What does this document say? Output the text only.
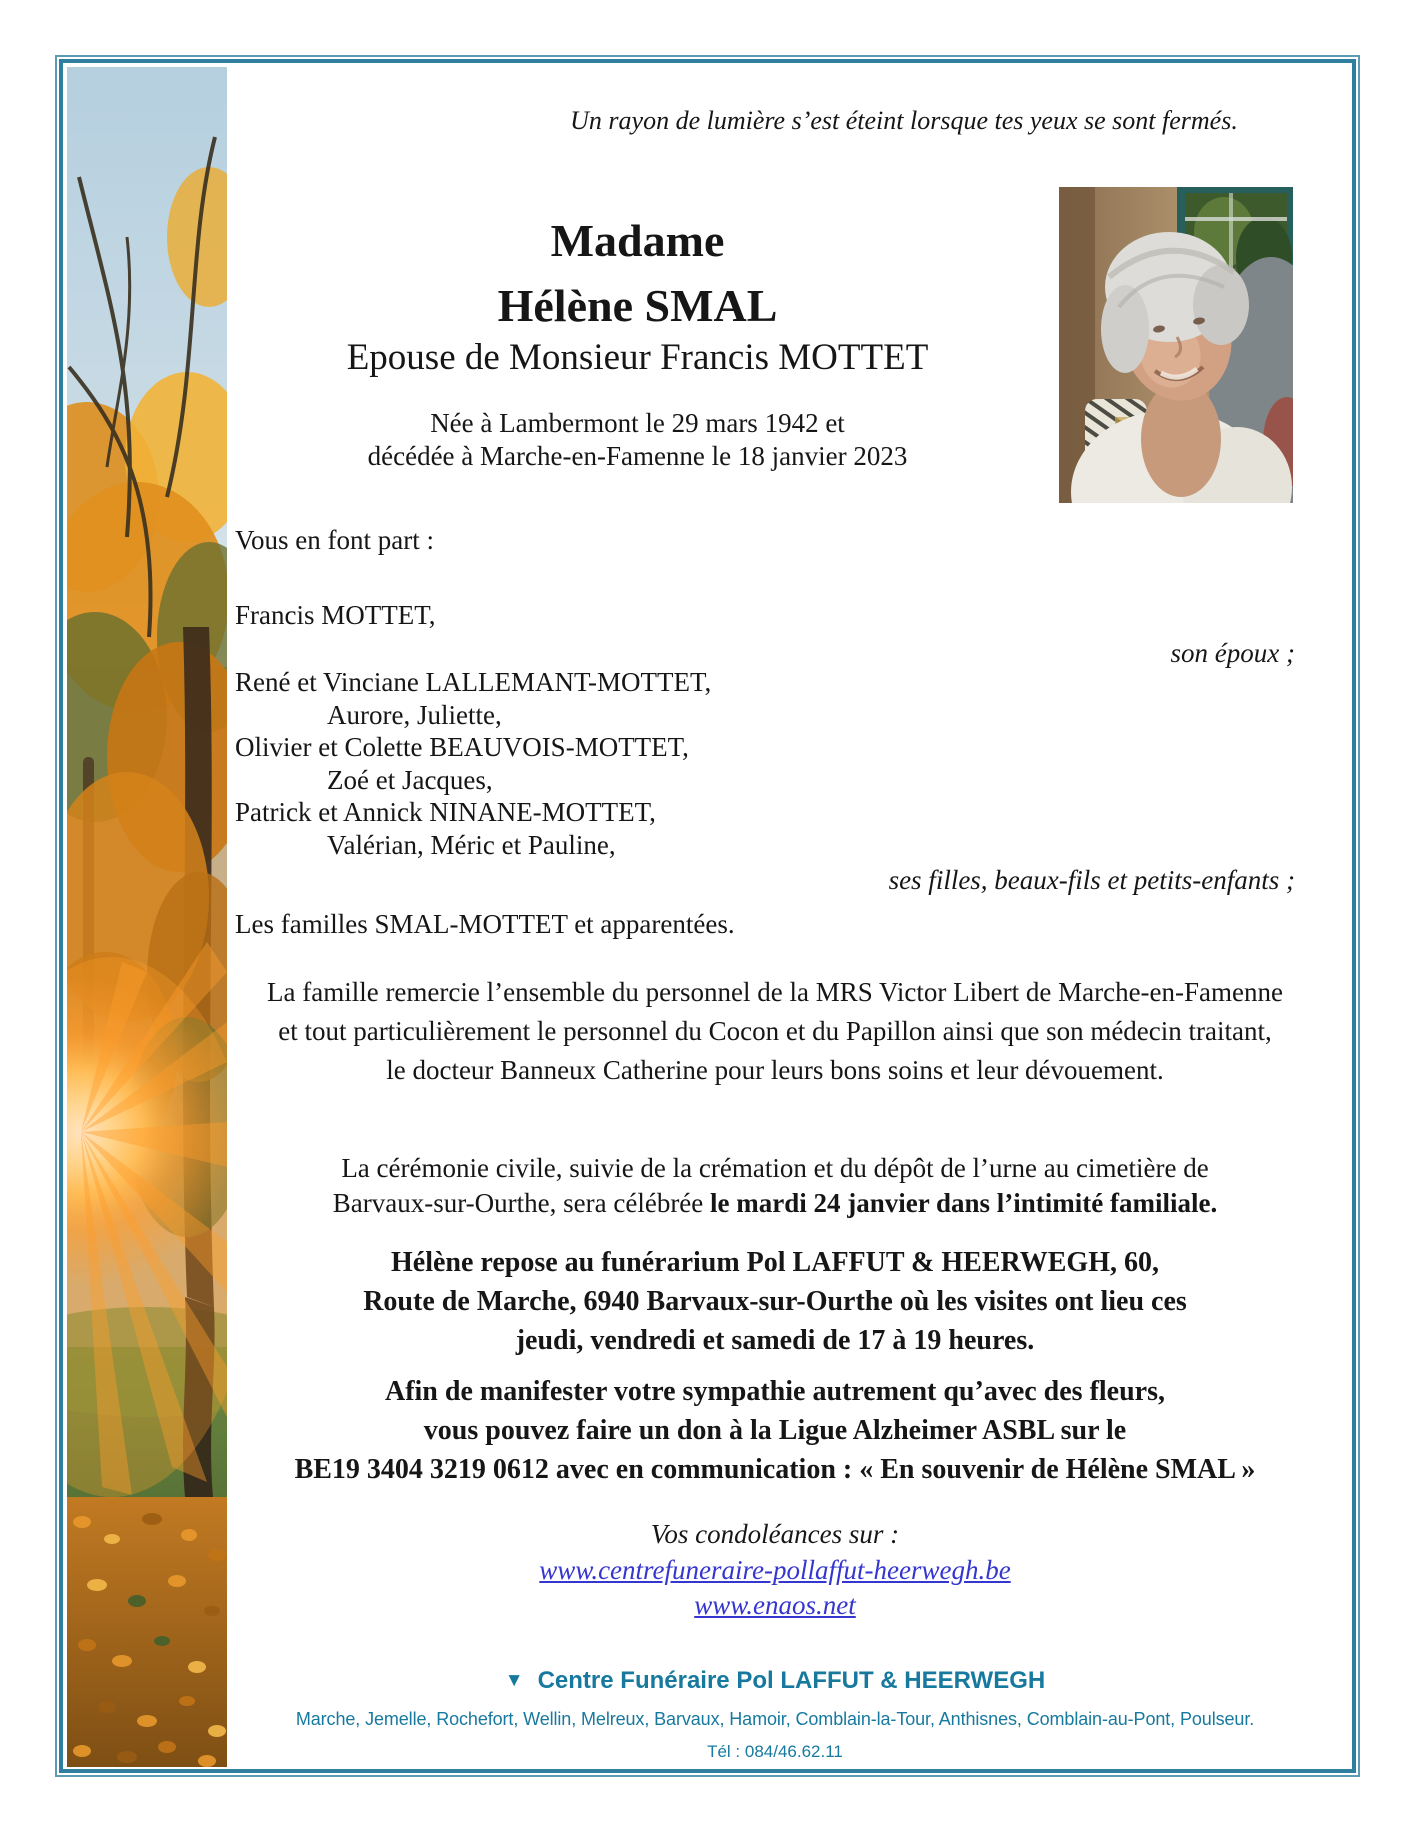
Un rayon de lumière s’est éteint lorsque tes yeux se sont fermés.
Madame
Hélène SMAL
Epouse de Monsieur Francis MOTTET
Née à Lambermont le 29 mars 1942 et
décédée à Marche-en-Famenne le 18 janvier 2023
Vous en font part :
Francis MOTTET,
son époux ;
René et Vinciane LALLEMANT-MOTTET,
Aurore, Juliette,
Olivier et Colette BEAUVOIS-MOTTET,
Zoé et Jacques,
Patrick et Annick NINANE-MOTTET,
Valérian, Méric et Pauline,
ses filles, beaux-fils et petits-enfants ;
Les familles SMAL-MOTTET et apparentées.
La famille remercie l’ensemble du personnel de la MRS Victor Libert de Marche-en-Famenne
et tout particulièrement le personnel du Cocon et du Papillon ainsi que son médecin traitant,
le docteur Banneux Catherine pour leurs bons soins et leur dévouement.
La cérémonie civile, suivie de la crémation et du dépôt de l’urne au cimetière de
Barvaux-sur-Ourthe, sera célébrée le mardi 24 janvier dans l’intimité familiale.
Hélène repose au funérarium Pol LAFFUT & HEERWEGH, 60,
Route de Marche, 6940 Barvaux-sur-Ourthe où les visites ont lieu ces
jeudi, vendredi et samedi de 17 à 19 heures.
Afin de manifester votre sympathie autrement qu’avec des fleurs,
vous pouvez faire un don à la Ligue Alzheimer ASBL sur le
BE19 3404 3219 0612 avec en communication : « En souvenir de Hélène SMAL »
Vos condoléances sur :
www.centrefuneraire-pollaffut-heerwegh.be
www.enaos.net
▼ Centre Funéraire Pol LAFFUT & HEERWEGH
Marche, Jemelle, Rochefort, Wellin, Melreux, Barvaux, Hamoir, Comblain-la-Tour, Anthisnes, Comblain-au-Pont, Poulseur.
Tél : 084/46.62.11
